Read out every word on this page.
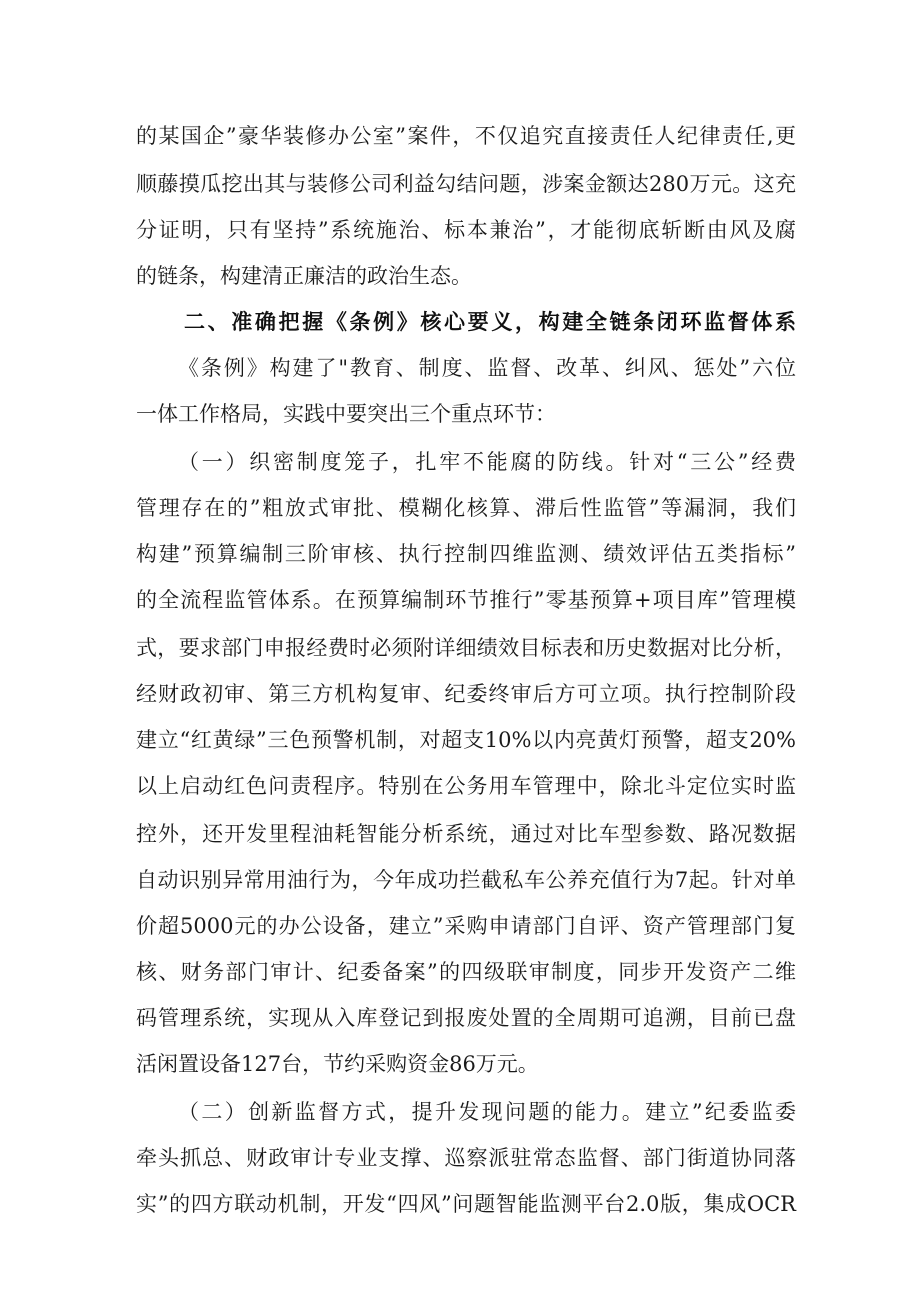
的某国企”豪华装修办公室”案件，不仅追究直接责任人纪律责任,更

顺藤摸瓜挖出其与装修公司利益勾结问题，涉案金额达280万元。这充

分证明，只有坚持”系统施治、标本兼治”，才能彻底斩断由风及腐

的链条，构建清正廉洁的政治生态。

二、准确把握《条例》核心要义，构建全链条闭环监督体系

《条例》构建了"教育、制度、监督、改革、纠风、惩处”六位

一体工作格局，实践中要突出三个重点环节：

（一）织密制度笼子，扎牢不能腐的防线。针对“三公”经费

管理存在的”粗放式审批、模糊化核算、滞后性监管”等漏洞，我们

构建”预算编制三阶审核、执行控制四维监测、绩效评估五类指标”

的全流程监管体系。在预算编制环节推行”零基预算+项目库”管理模

式，要求部门申报经费时必须附详细绩效目标表和历史数据对比分析，

经财政初审、第三方机构复审、纪委终审后方可立项。执行控制阶段

建立“红黄绿”三色预警机制，对超支10%以内亮黄灯预警，超支20%

以上启动红色问责程序。特别在公务用车管理中，除北斗定位实时监

控外，还开发里程油耗智能分析系统，通过对比车型参数、路况数据

自动识别异常用油行为，今年成功拦截私车公养充值行为7起。针对单

价超5000元的办公设备，建立”采购申请部门自评、资产管理部门复

核、财务部门审计、纪委备案”的四级联审制度，同步开发资产二维

码管理系统，实现从入库登记到报废处置的全周期可追溯，目前已盘

活闲置设备127台，节约采购资金86万元。

（二）创新监督方式，提升发现问题的能力。建立”纪委监委

牵头抓总、财政审计专业支撑、巡察派驻常态监督、部门街道协同落

实”的四方联动机制，开发“四风”问题智能监测平台2.0版，集成OCR
